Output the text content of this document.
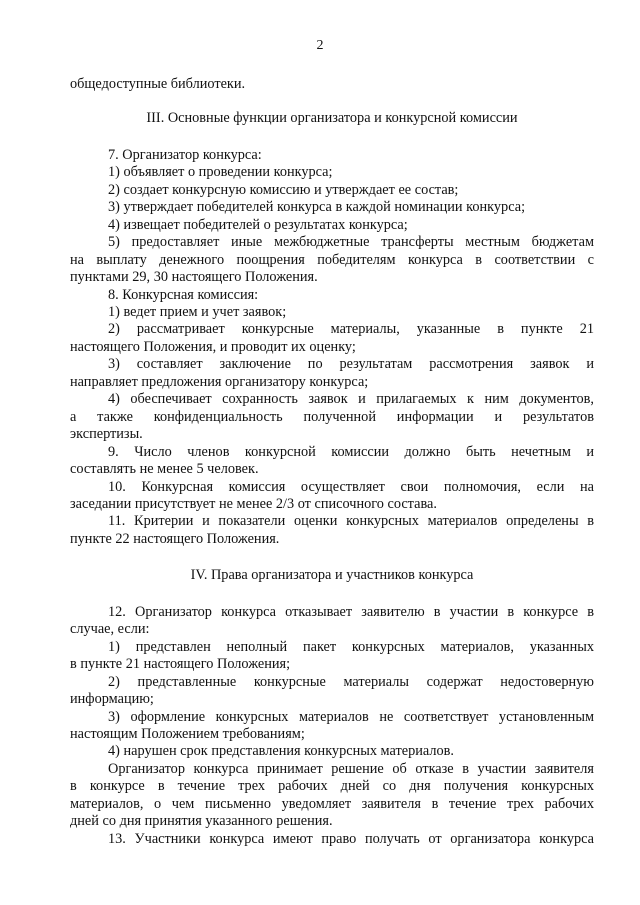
2
общедоступные библиотеки.
III. Основные функции организатора и конкурсной комиссии
7. Организатор конкурса:
1) объявляет о проведении конкурса;
2) создает конкурсную комиссию и утверждает ее состав;
3) утверждает победителей конкурса в каждой номинации конкурса;
4) извещает победителей о результатах конкурса;
5) предоставляет иные межбюджетные трансферты местным бюджетам
на выплату денежного поощрения победителям конкурса в соответствии с
пунктами 29, 30 настоящего Положения.
8. Конкурсная комиссия:
1) ведет прием и учет заявок;
2) рассматривает конкурсные материалы, указанные в пункте 21
настоящего Положения, и проводит их оценку;
3) составляет заключение по результатам рассмотрения заявок и
направляет предложения организатору конкурса;
4) обеспечивает сохранность заявок и прилагаемых к ним документов,
а также конфиденциальность полученной информации и результатов
экспертизы.
9. Число членов конкурсной комиссии должно быть нечетным и
составлять не менее 5 человек.
10. Конкурсная комиссия осуществляет свои полномочия, если на
заседании присутствует не менее 2/3 от списочного состава.
11. Критерии и показатели оценки конкурсных материалов определены в
пункте 22 настоящего Положения.
IV. Права организатора и участников конкурса
12. Организатор конкурса отказывает заявителю в участии в конкурсе в
случае, если:
1) представлен неполный пакет конкурсных материалов, указанных
в пункте 21 настоящего Положения;
2) представленные конкурсные материалы содержат недостоверную
информацию;
3) оформление конкурсных материалов не соответствует установленным
настоящим Положением требованиям;
4) нарушен срок представления конкурсных материалов.
Организатор конкурса принимает решение об отказе в участии заявителя
в конкурсе в течение трех рабочих дней со дня получения конкурсных
материалов, о чем письменно уведомляет заявителя в течение трех рабочих
дней со дня принятия указанного решения.
13. Участники конкурса имеют право получать от организатора конкурса
